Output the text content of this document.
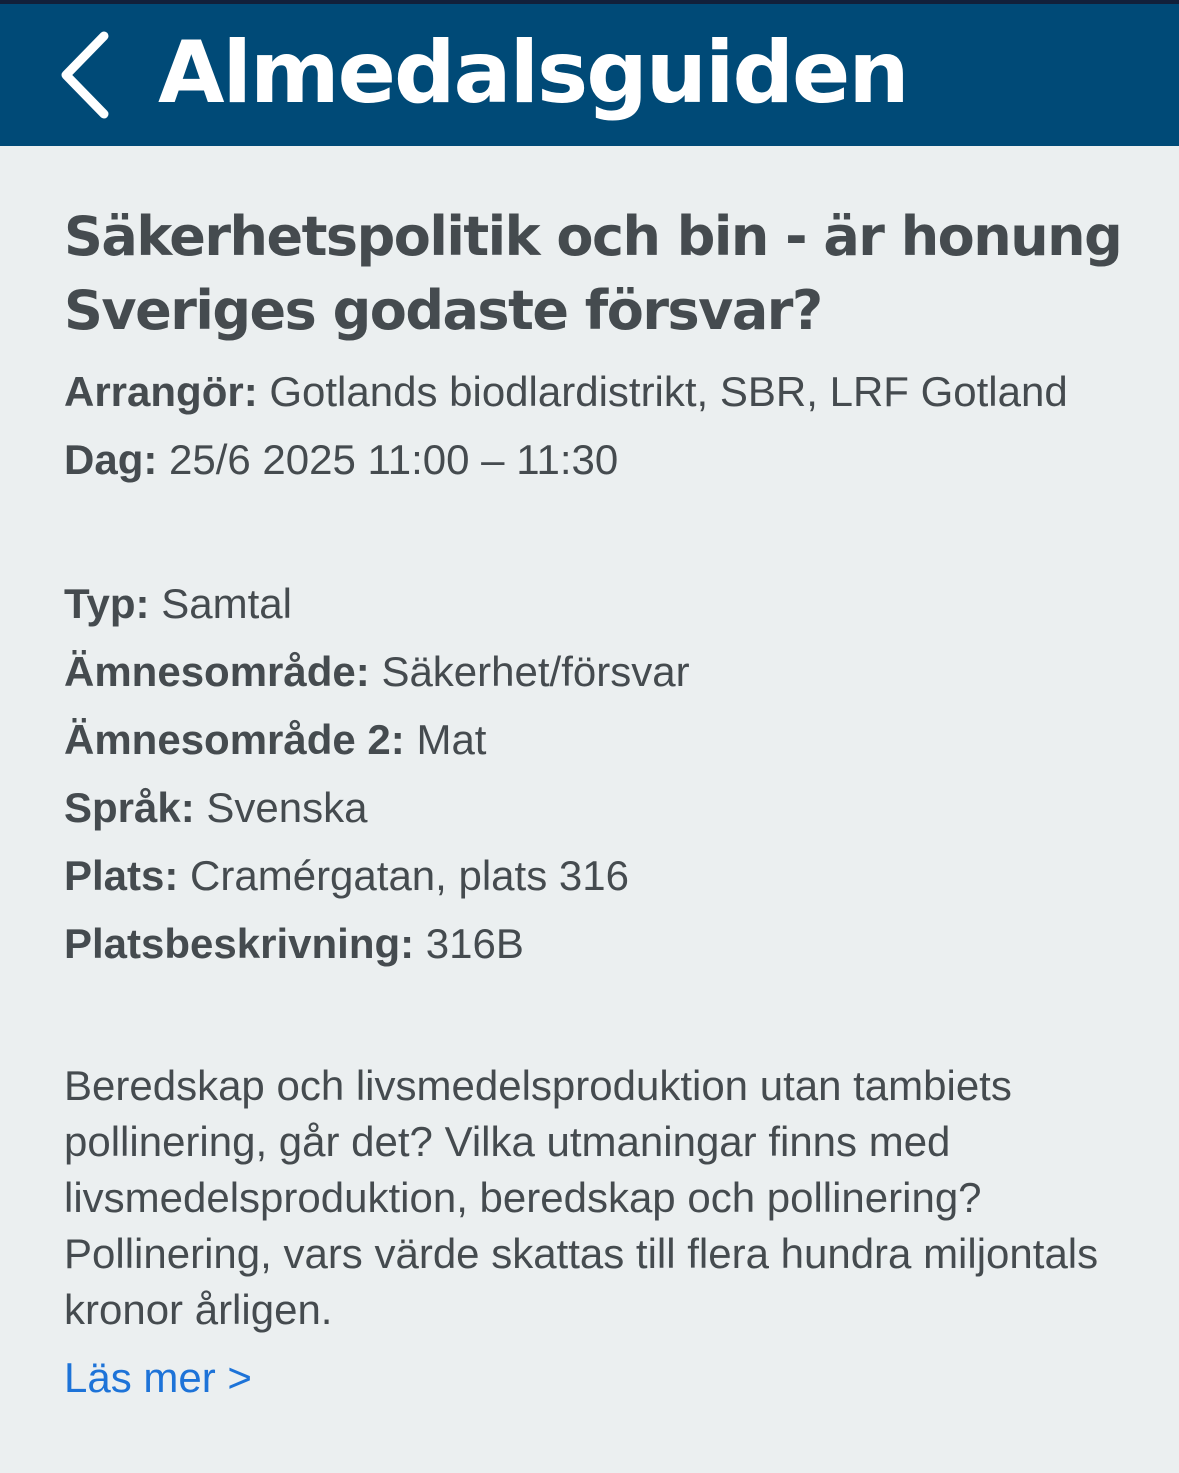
Almedalsguiden
Säkerhetspolitik och bin - är honung Sveriges godaste försvar?
Arrangör: Gotlands biodlardistrikt, SBR, LRF Gotland
Dag: 25/6 2025 11:00 – 11:30
Typ: Samtal
Ämnesområde: Säkerhet/försvar
Ämnesområde 2: Mat
Språk: Svenska
Plats: Cramérgatan, plats 316
Platsbeskrivning: 316B
Beredskap och livsmedelsproduktion utan tambiets pollinering, går det? Vilka utmaningar finns med livsmedelsproduktion, beredskap och pollinering? Pollinering, vars värde skattas till flera hundra miljontals kronor årligen.
Läs mer >
